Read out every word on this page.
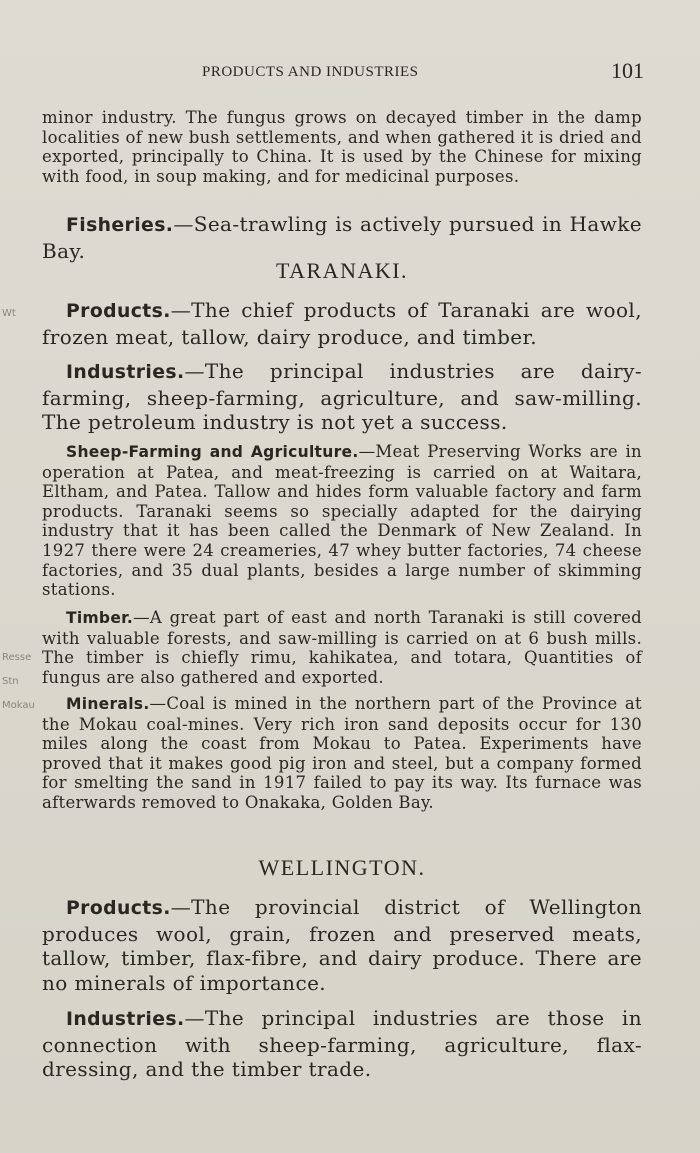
PRODUCTS AND INDUSTRIES	101

minor industry. The fungus grows on decayed timber in the damp localities of new bush settlements, and when gathered it is dried and exported, principally to China. It is used by the Chinese for mixing with food, in soup making, and for medicinal purposes.

Fisheries.—Sea-trawling is actively pursued in Hawke Bay.

TARANAKI.

Products.—The chief products of Taranaki are wool, frozen meat, tallow, dairy produce, and timber.

Industries.—The principal industries are dairy-farming, sheep-farming, agriculture, and saw-milling. The petroleum industry is not yet a success.

Sheep-Farming and Agriculture.—Meat Preserving Works are in operation at Patea, and meat-freezing is carried on at Waitara, Eltham, and Patea. Tallow and hides form valuable factory and farm products. Taranaki seems so specially adapted for the dairying industry that it has been called the Denmark of New Zealand. In 1927 there were 24 creameries, 47 whey butter factories, 74 cheese factories, and 35 dual plants, besides a large number of skimming stations.

Timber.—A great part of east and north Taranaki is still covered with valuable forests, and saw-milling is carried on at 6 bush mills. The timber is chiefly rimu, kahikatea, and totara, Quantities of fungus are also gathered and exported.

Minerals.—Coal is mined in the northern part of the Province at the Mokau coal-mines. Very rich iron sand deposits occur for 130 miles along the coast from Mokau to Patea. Experiments have proved that it makes good pig iron and steel, but a company formed for smelting the sand in 1917 failed to pay its way. Its furnace was afterwards removed to Onakaka, Golden Bay.

WELLINGTON.

Products.—The provincial district of Wellington produces wool, grain, frozen and preserved meats, tallow, timber, flax-fibre, and dairy produce. There are no minerals of importance.

Industries.—The principal industries are those in connection with sheep-farming, agriculture, flax-dressing, and the timber trade.

Wt
Resse
Stn
Mokau
